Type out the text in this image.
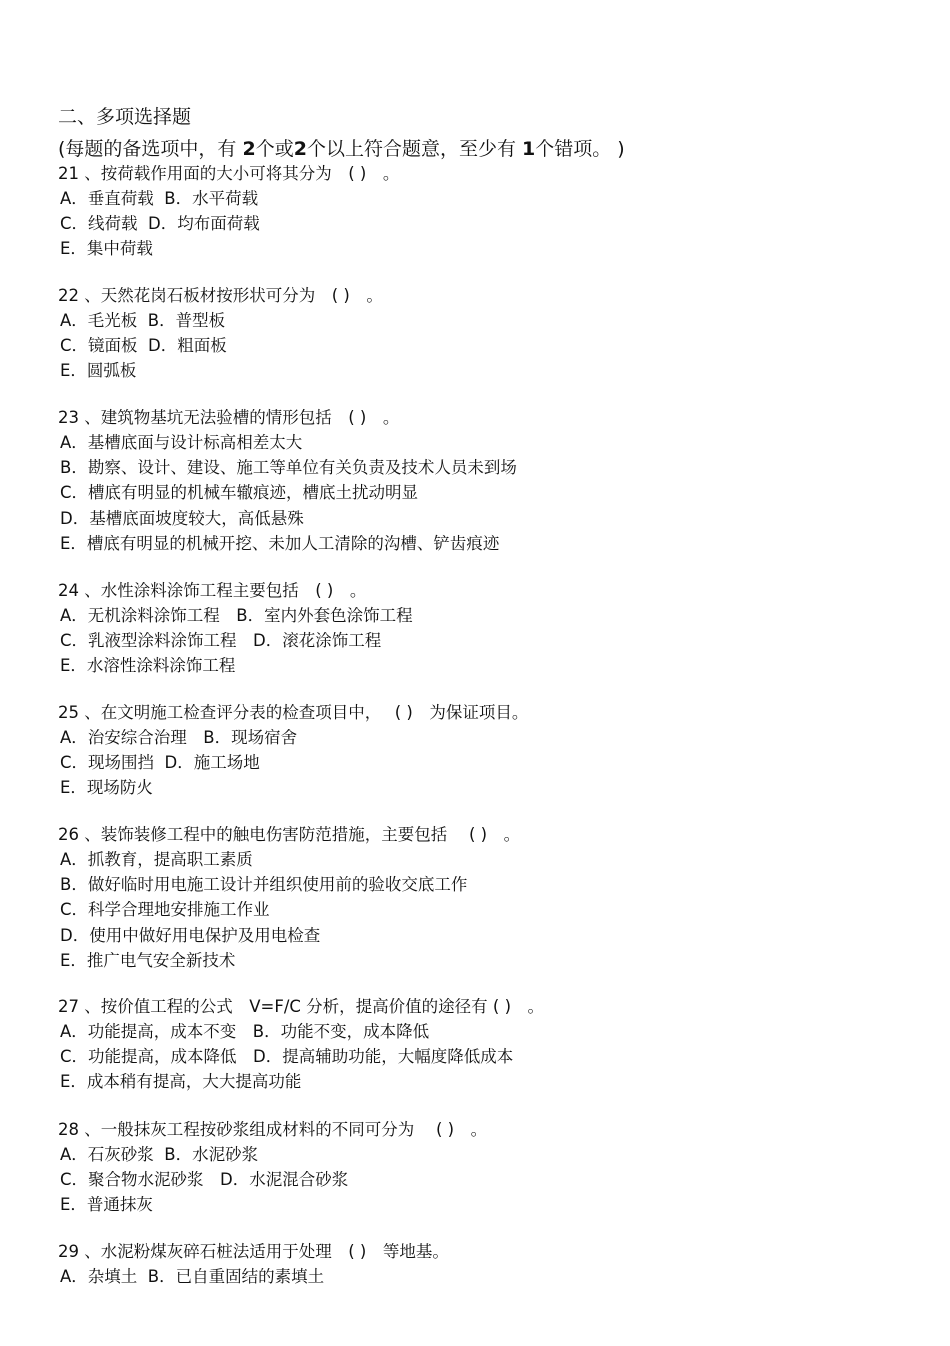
二、多项选择题
(每题的备选项中，有 2个或2个以上符合题意，至少有 1个错项。 )
21 、按荷载作用面的大小可将其分为　( )　。
A．垂直荷载  B．水平荷载
C．线荷载  D．均布面荷载
E．集中荷载
22 、天然花岗石板材按形状可分为　( )　。
A．毛光板  B．普型板
C．镜面板  D．粗面板
E．圆弧板
23 、建筑物基坑无法验槽的情形包括　( )　。
A．基槽底面与设计标高相差太大
B．勘察、设计、建设、施工等单位有关负责及技术人员未到场
C．槽底有明显的机械车辙痕迹，槽底土扰动明显
D．基槽底面坡度较大，高低悬殊
E．槽底有明显的机械开挖、未加人工清除的沟槽、铲齿痕迹
24 、水性涂料涂饰工程主要包括　( )　。
A．无机涂料涂饰工程　B．室内外套色涂饰工程
C．乳液型涂料涂饰工程　D．滚花涂饰工程
E．水溶性涂料涂饰工程
25 、在文明施工检查评分表的检查项目中，　 ( )　为保证项目。
A．治安综合治理　B．现场宿舍
C．现场围挡  D．施工场地
E．现场防火
26 、装饰装修工程中的触电伤害防范措施，主要包括　 ( )　。
A．抓教育，提高职工素质
B．做好临时用电施工设计并组织使用前的验收交底工作
C．科学合理地安排施工作业
D．使用中做好用电保护及用电检查
E．推广电气安全新技术
27 、按价值工程的公式　V=F/C 分析，提高价值的途径有 ( )　。
A．功能提高，成本不变　B．功能不变，成本降低
C．功能提高，成本降低　D．提高辅助功能，大幅度降低成本
E．成本稍有提高，大大提高功能
28 、一般抹灰工程按砂浆组成材料的不同可分为　 ( )　。
A．石灰砂浆  B．水泥砂浆
C．聚合物水泥砂浆　D．水泥混合砂浆
E．普通抹灰
29 、水泥粉煤灰碎石桩法适用于处理　( )　等地基。
A．杂填土  B．已自重固结的素填土
